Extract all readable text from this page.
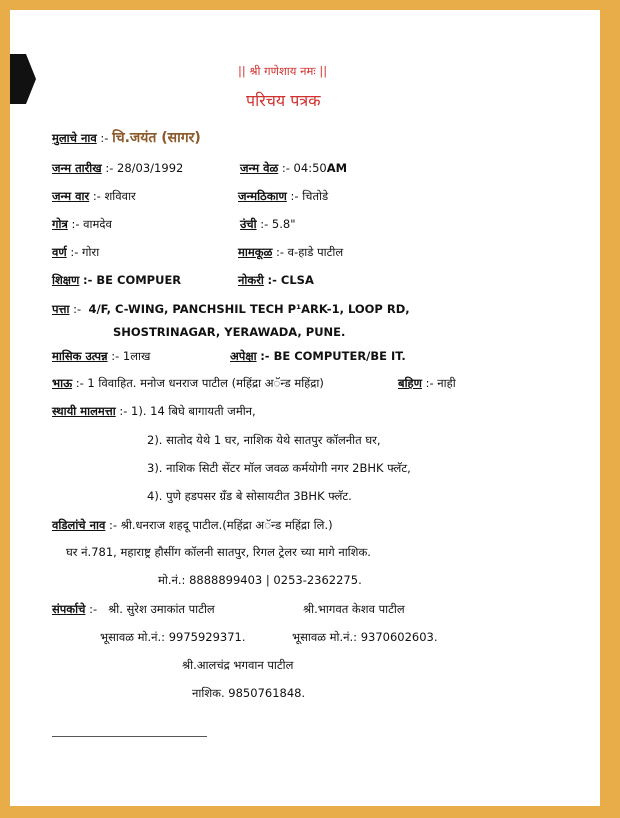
|| श्री गणेशाय नमः ||
परिचय पत्रक
मुलाचे नाव :- चि.जयंत (सागर)
जन्म तारीख :- 28/03/1992	जन्म वेळ :- 04:50AM
जन्म वार :- शविवार	जन्मठिकाण :- चितोडे
गोत्र :- वामदेव	उंची :- 5.8"
वर्ण :- गोरा	मामकूळ :- व-हाडे पाटील
शिक्षण :- BE COMPUER	नोकरी :- CLSA
पत्ता :- 4/F, C-WING, PANCHSHIL TECH P¹ARK-1, LOOP RD,
SHOSTRINAGAR, YERAWADA, PUNE.
मासिक उत्पन्न :- 1लाख	अपेक्षा :- BE COMPUTER/BE IT.
भाऊ :- 1 विवाहित. मनोज धनराज पाटील (महिंद्रा अॅन्ड महिंद्रा)	बहिण :- नाही
स्थायी मालमत्ता :- 1). 14 बिघे बागायती जमीन,
2). सातोद येथे 1 घर, नाशिक येथे सातपुर कॉलनीत घर,
3). नाशिक सिटी सेंटर मॉल जवळ कर्मयोगी नगर 2BHK फ्लॅट,
4). पुणे हडपसर ग्रँड बे सोसायटीत 3BHK फ्लॅट.
वडिलांचे नाव :- श्री.धनराज शहदू पाटील.(महिंद्रा अॅन्ड महिंद्रा लि.)
घर नं.781, महाराष्ट्र हौसींग कॉलनी सातपुर, रिगल ट्रेलर च्या मागे नाशिक.
मो.नं.: 8888899403 | 0253-2362275.
संपर्काचे :- श्री. सुरेश उमाकांत पाटील	श्री.भागवत केशव पाटील
भूसावळ मो.नं.: 9975929371.	भूसावळ मो.नं.: 9370602603.
श्री.आलचंद्र भगवान पाटील
नाशिक. 9850761848.
